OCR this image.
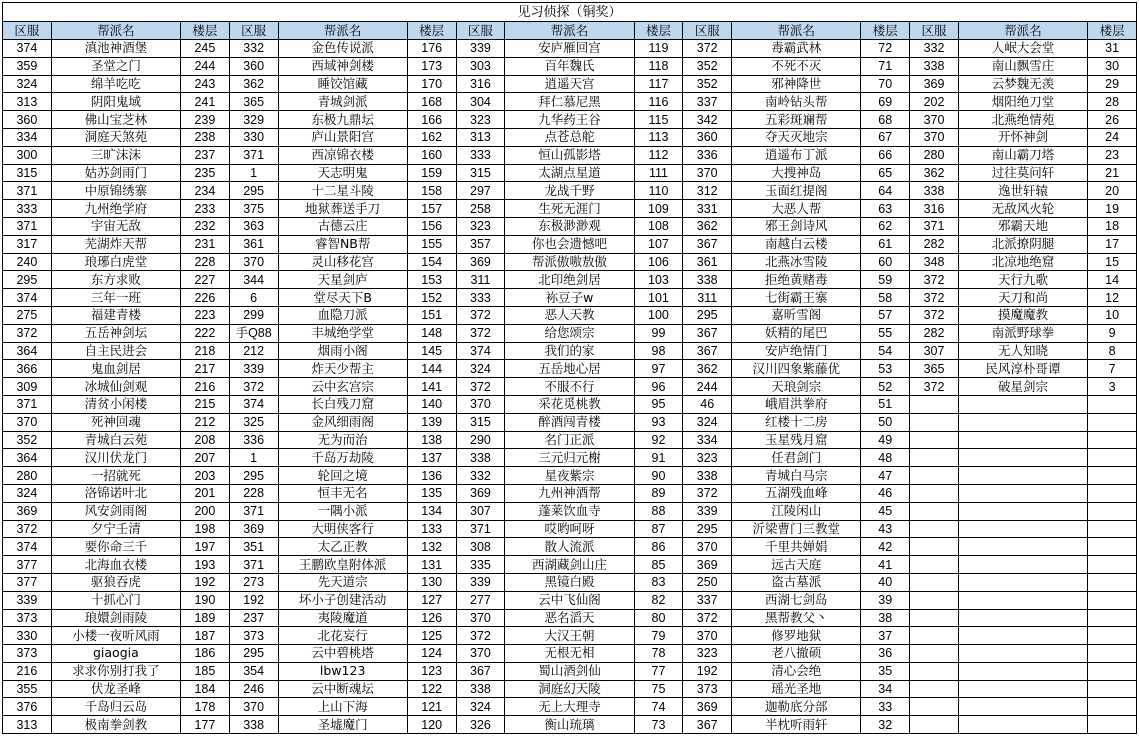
见习侦探（铜奖）														
区服	帮派名	楼层	区服	帮派名	楼层	区服	帮派名	楼层	区服	帮派名	楼层	区服	帮派名	楼层
374	滇池神酒堡	245	332	金色传说派	176	339	安庐雁回宫	119	372	毒霸武林	72	332	人岷大会堂	31
359	圣堂之门	244	360	西域神剑楼	173	303	百年魏氏	118	352	不死不灭	71	338	南山飘雪庄	30
324	绵羊吃吃	243	362	睡饺馆藏	170	316	逍遥天宫	117	352	邪神降世	70	369	云梦魏无羡	29
313	阴阳鬼域	241	365	青城剑派	168	304	拜仁慕尼黑	116	337	南岭钻头帮	69	202	烟阳绝刀堂	28
360	佛山宝芝林	239	329	东极九鼎坛	166	323	九华药王谷	115	342	五彩斑斓帮	68	370	北燕绝情苑	26
334	洞庭天煞苑	238	330	庐山景阳宫	162	313	点苍总舵	113	360	夺天灭地宗	67	370	开怀神剑	24
300	三旷沫沫	237	371	西凉锦衣楼	160	333	恒山孤影塔	112	336	逍遥布丁派	66	280	南山霸刀塔	23
315	姑苏剑雨门	235	1	天志明鬼	159	315	太湖点星道	111	370	大搜神岛	65	362	过往莫问轩	21
371	中原锦绣寨	234	295	十二星斗陵	158	297	龙战千野	110	312	玉面红提阁	64	338	逸世轩辕	20
333	九州绝学府	233	375	地狱葬送手刀	157	258	生死无涯门	109	331	大恶人帮	63	316	无敌风火轮	19
371	宇宙无敌	232	363	古德云庄	156	323	东极渺渺观	108	362	邪王剑诗风	62	371	邪霸天地	18
317	芜湖炸天帮	231	361	睿智NB帮	155	357	你也会遗憾吧	107	367	南越白云楼	61	282	北派撩阴腿	17
240	琅琊白虎堂	228	370	灵山移花宫	154	369	帮派傲嗷敖傲	106	361	北燕冰雪陵	60	348	北凉地绝窟	15
295	东方求败	227	344	天星剑庐	153	311	北印绝剑居	103	338	拒绝黄赌毒	59	372	天行九歌	14
374	三年一班	226	6	堂尽天下B	152	333	袮豆子w	101	311	七街霸王寨	58	372	天刀和尚	12
275	福建青楼	223	299	血隐刀派	151	372	恶人天教	100	295	嘉昕雪阁	57	372	摸魔魔教	10
372	五岳神剑坛	222	手Q88	丰城绝学堂	148	372	给您颂宗	99	367	妖精的尾巴	55	282	南派野球拳	9
364	自主民进会	218	212	烟雨小阁	145	374	我们的家	98	367	安庐绝情门	54	307	无人知晓	8
366	鬼血剑居	217	339	炸天少帮主	144	324	五岳地心居	97	362	汉川四象紫藤优	53	365	民风淳朴哥谭	7
309	冰城仙剑观	216	372	云中玄宫宗	141	372	不服不行	96	244	天琅剑宗	52	372	破星剑宗	3
371	清贫小闲楼	215	374	长白残刀窟	140	370	采花觅桃教	95	46	峨眉洪拳府	51			
370	死神回魂	212	325	金风细雨阁	139	315	醉酒闯青楼	93	324	红楼十二房	50			
352	青城白云苑	208	336	无为而治	138	290	名门正派	92	334	玉星残月窟	49			
364	汉川伏龙门	207	1	千岛万劫陵	137	338	三元归元榭	91	323	任君剑门	48			
280	一招就死	203	295	轮回之境	136	332	星夜紫宗	90	338	青城白马宗	47			
324	洛锦诺叶北	201	228	恒丰无名	135	369	九州神酒帮	89	372	五湖残血峰	46			
369	风安剑雨阁	200	371	一隅小派	134	307	蓬莱饮血寺	88	339	江陵闲山	45			
372	夕宁壬清	198	369	大明侠客行	133	371	哎哟呵呀	87	295	沂梁曹门三教堂	43			
374	要你命三千	197	351	太乙正教	132	308	散人流派	86	370	千里共婵娟	42			
377	北海血衣楼	193	371	王鹏欧皇附体派	131	335	西湖藏剑山庄	85	369	远古天庭	41			
377	驱狼吞虎	192	273	先天道宗	130	339	黑镜白殿	83	250	盗古墓派	40			
339	十抓心门	190	192	坏小子创建活动	127	277	云中飞仙阁	82	337	西湖七剑岛	39			
373	琅嬛剑雨陵	189	237	夷陵魔道	126	370	恶名滔天	80	372	黑帮教父丶	38			
330	小楼一夜听风雨	187	373	北花妄行	125	372	大汉王朝	79	370	修罗地狱	37			
373	giaogia	186	295	云中碧桃塔	124	370	无根无相	78	323	老八撤硕	36			
216	求求你别打我了	185	354	lbw123	123	367	蜀山酒剑仙	77	192	清心会绝	35			
355	伏龙圣峰	184	246	云中断魂坛	122	338	洞庭幻天陵	75	373	瑶光圣地	34			
376	千岛归云岛	178	370	上山下海	121	324	无上大理寺	74	369	迦勒底分部	33			
313	极南拳剑教	177	338	圣墟魔门	120	326	衡山琉璃	73	367	半枕听雨轩	32			
